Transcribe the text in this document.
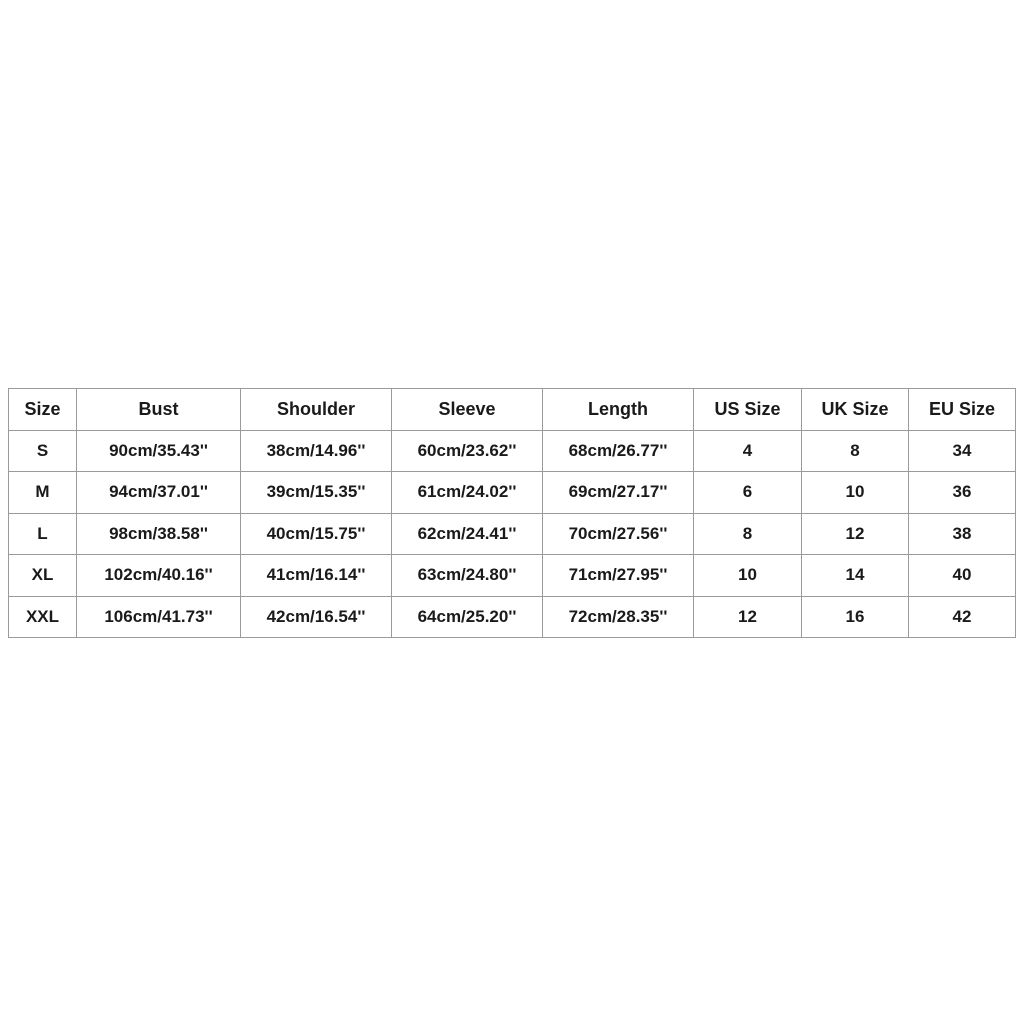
Size	Bust	Shoulder	Sleeve	Length	US Size	UK Size	EU Size
S	90cm/35.43''	38cm/14.96''	60cm/23.62''	68cm/26.77''	4	8	34
M	94cm/37.01''	39cm/15.35''	61cm/24.02''	69cm/27.17''	6	10	36
L	98cm/38.58''	40cm/15.75''	62cm/24.41''	70cm/27.56''	8	12	38
XL	102cm/40.16''	41cm/16.14''	63cm/24.80''	71cm/27.95''	10	14	40
XXL	106cm/41.73''	42cm/16.54''	64cm/25.20''	72cm/28.35''	12	16	42
